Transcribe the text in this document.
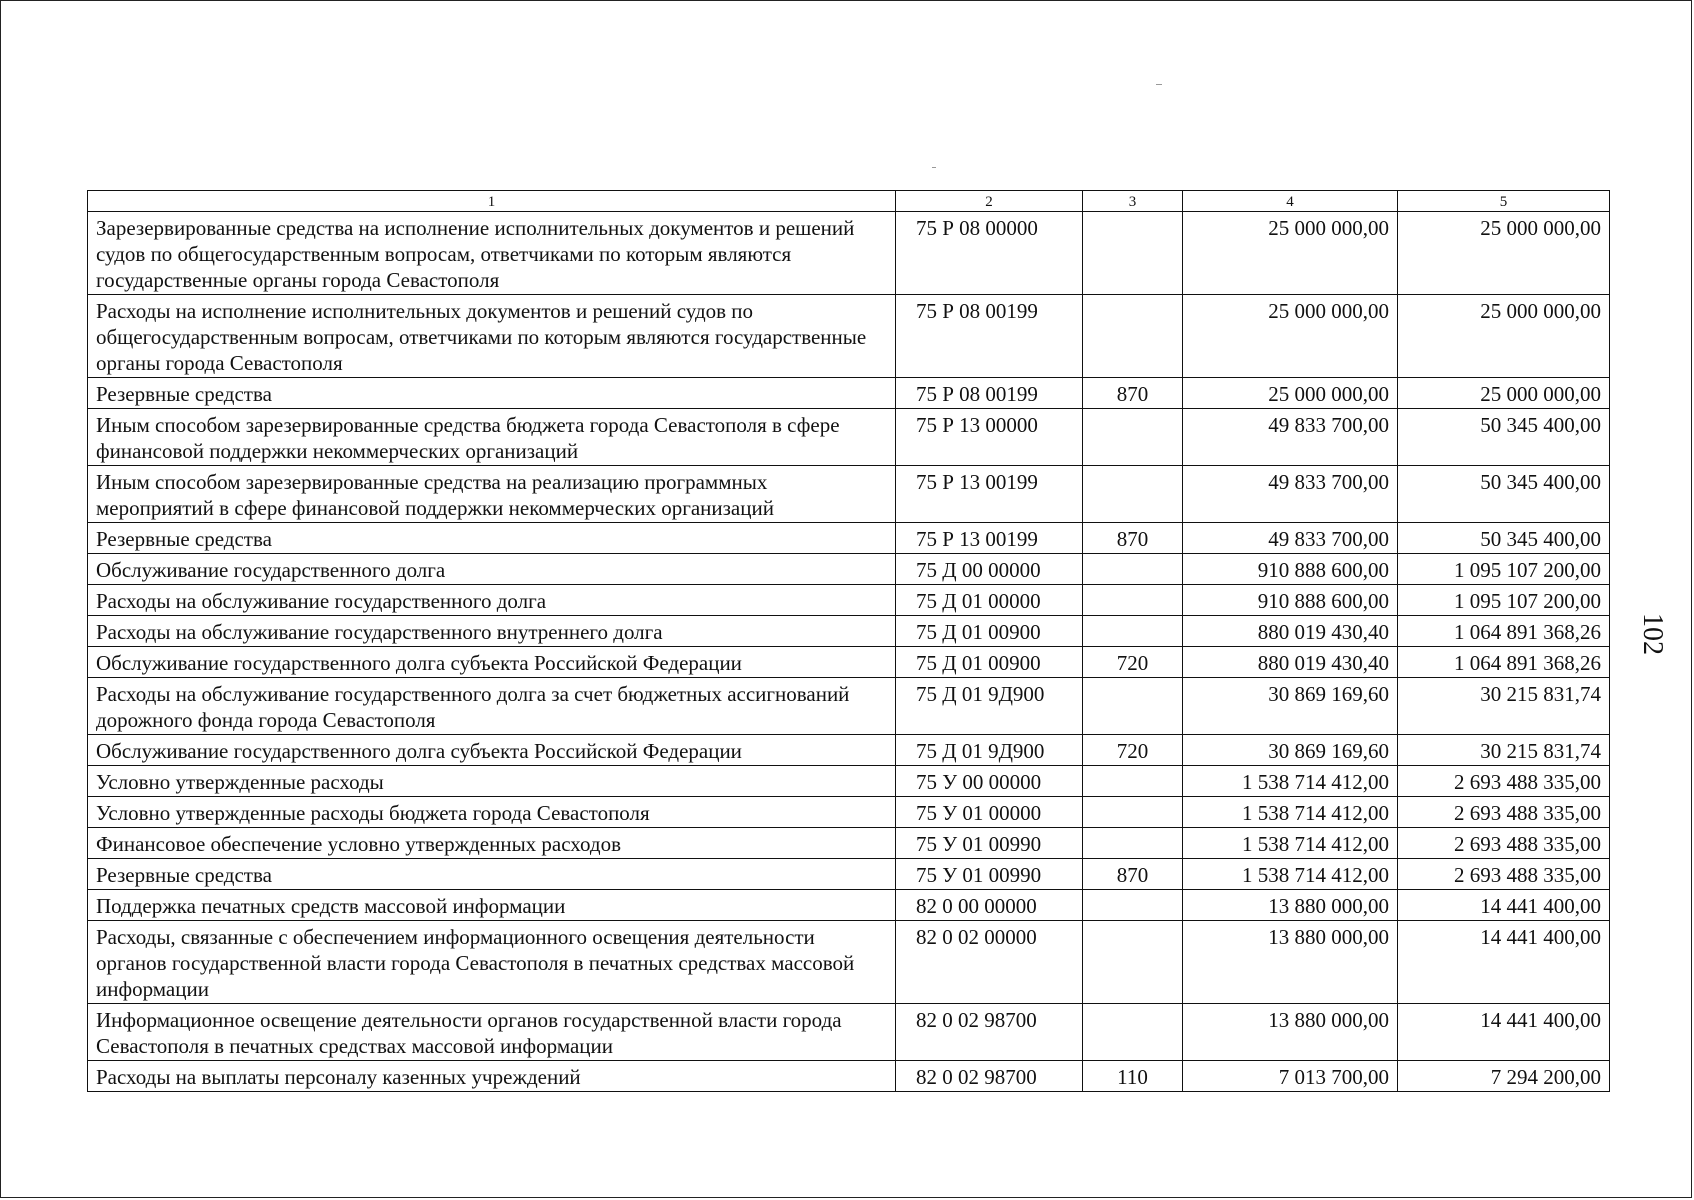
1	2	3	4	5
Зарезервированные средства на исполнение исполнительных документов и решений судов по общегосударственным вопросам, ответчиками по которым являются государственные органы города Севастополя	75 Р 08 00000		25 000 000,00	25 000 000,00
Расходы на исполнение исполнительных документов и решений судов по общегосударственным вопросам, ответчиками по которым являются государственные органы города Севастополя	75 Р 08 00199		25 000 000,00	25 000 000,00
Резервные средства	75 Р 08 00199	870	25 000 000,00	25 000 000,00
Иным способом зарезервированные средства бюджета города Севастополя в сфере финансовой поддержки некоммерческих организаций	75 Р 13 00000		49 833 700,00	50 345 400,00
Иным способом зарезервированные средства на реализацию программных мероприятий в сфере финансовой поддержки некоммерческих организаций	75 Р 13 00199		49 833 700,00	50 345 400,00
Резервные средства	75 Р 13 00199	870	49 833 700,00	50 345 400,00
Обслуживание государственного долга	75 Д 00 00000		910 888 600,00	1 095 107 200,00
Расходы на обслуживание государственного долга	75 Д 01 00000		910 888 600,00	1 095 107 200,00
Расходы на обслуживание государственного внутреннего долга	75 Д 01 00900		880 019 430,40	1 064 891 368,26
Обслуживание государственного долга субъекта Российской Федерации	75 Д 01 00900	720	880 019 430,40	1 064 891 368,26
Расходы на обслуживание государственного долга за счет бюджетных ассигнований дорожного фонда города Севастополя	75 Д 01 9Д900		30 869 169,60	30 215 831,74
Обслуживание государственного долга субъекта Российской Федерации	75 Д 01 9Д900	720	30 869 169,60	30 215 831,74
Условно утвержденные расходы	75 У 00 00000		1 538 714 412,00	2 693 488 335,00
Условно утвержденные расходы бюджета города Севастополя	75 У 01 00000		1 538 714 412,00	2 693 488 335,00
Финансовое обеспечение условно утвержденных расходов	75 У 01 00990		1 538 714 412,00	2 693 488 335,00
Резервные средства	75 У 01 00990	870	1 538 714 412,00	2 693 488 335,00
Поддержка печатных средств массовой информации	82 0 00 00000		13 880 000,00	14 441 400,00
Расходы, связанные с обеспечением информационного освещения деятельности органов государственной власти города Севастополя в печатных средствах массовой информации	82 0 02 00000		13 880 000,00	14 441 400,00
Информационное освещение деятельности органов государственной власти города Севастополя в печатных средствах массовой информации	82 0 02 98700		13 880 000,00	14 441 400,00
Расходы на выплаты персоналу казенных учреждений	82 0 02 98700	110	7 013 700,00	7 294 200,00
102
